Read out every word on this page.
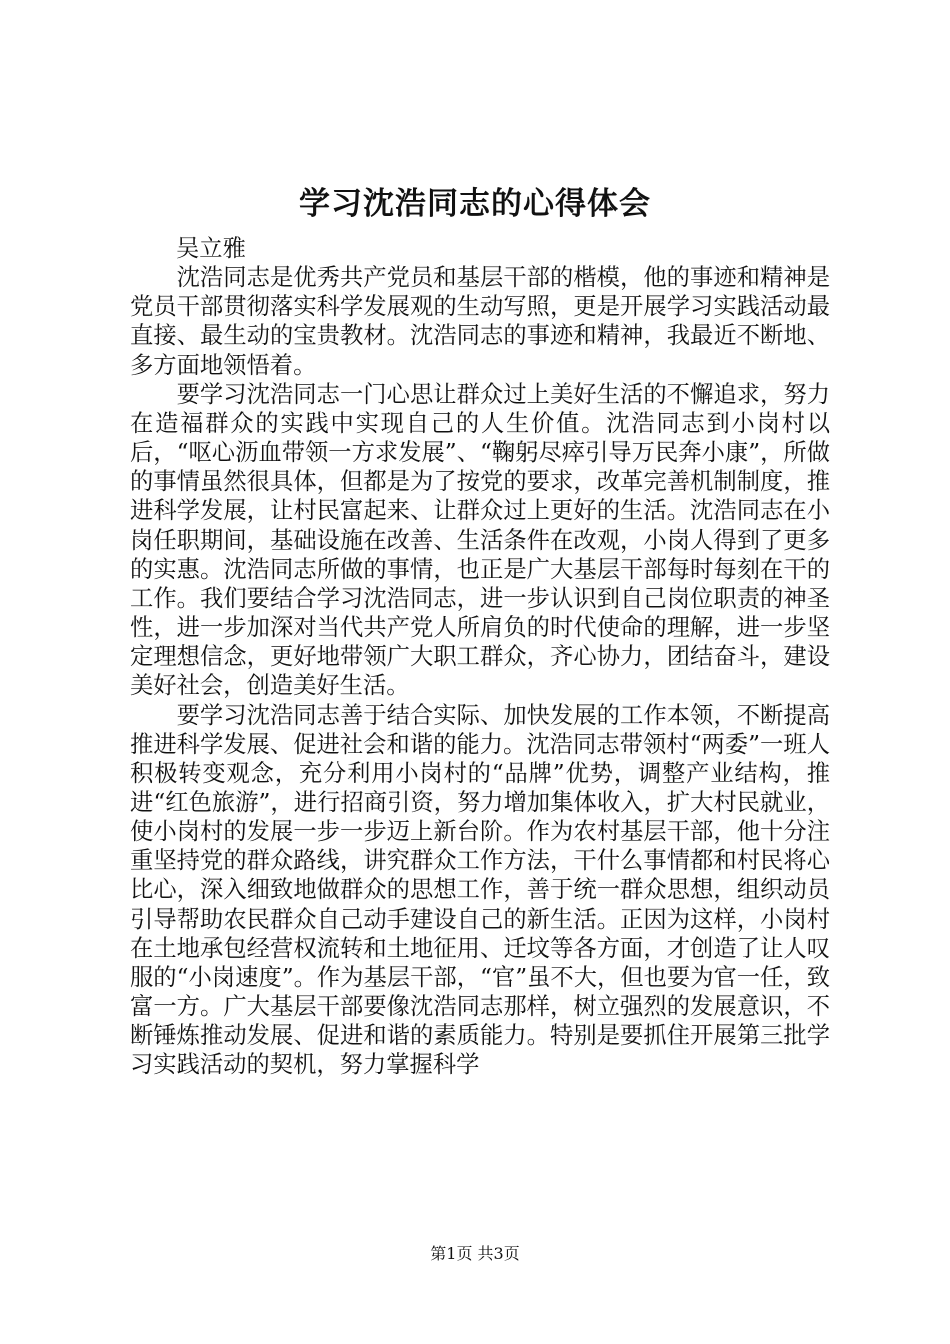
学习沈浩同志的心得体会
吴立雅

沈浩同志是优秀共产党员和基层干部的楷模，他的事迹和精神是党员干部贯彻落实科学发展观的生动写照，更是开展学习实践活动最直接、最生动的宝贵教材。沈浩同志的事迹和精神，我最近不断地、多方面地领悟着。

要学习沈浩同志一门心思让群众过上美好生活的不懈追求，努力在造福群众的实践中实现自己的人生价值。沈浩同志到小岗村以后，“呕心沥血带领一方求发展”、“鞠躬尽瘁引导万民奔小康”，所做的事情虽然很具体，但都是为了按党的要求，改革完善机制制度，推进科学发展，让村民富起来、让群众过上更好的生活。沈浩同志在小岗任职期间，基础设施在改善、生活条件在改观，小岗人得到了更多的实惠。沈浩同志所做的事情，也正是广大基层干部每时每刻在干的工作。我们要结合学习沈浩同志，进一步认识到自己岗位职责的神圣性，进一步加深对当代共产党人所肩负的时代使命的理解，进一步坚定理想信念，更好地带领广大职工群众，齐心协力，团结奋斗，建设美好社会，创造美好生活。

要学习沈浩同志善于结合实际、加快发展的工作本领，不断提高推进科学发展、促进社会和谐的能力。沈浩同志带领村“两委”一班人积极转变观念，充分利用小岗村的“品牌”优势，调整产业结构，推进“红色旅游”，进行招商引资，努力增加集体收入，扩大村民就业，使小岗村的发展一步一步迈上新台阶。作为农村基层干部，他十分注重坚持党的群众路线，讲究群众工作方法，干什么事情都和村民将心比心，深入细致地做群众的思想工作，善于统一群众思想，组织动员引导帮助农民群众自己动手建设自己的新生活。正因为这样，小岗村在土地承包经营权流转和土地征用、迁坟等各方面，才创造了让人叹服的“小岗速度”。作为基层干部，“官”虽不大，但也要为官一任，致富一方。广大基层干部要像沈浩同志那样，树立强烈的发展意识，不断锤炼推动发展、促进和谐的素质能力。特别是要抓住开展第三批学习实践活动的契机，努力掌握科学

第1页 共3页
